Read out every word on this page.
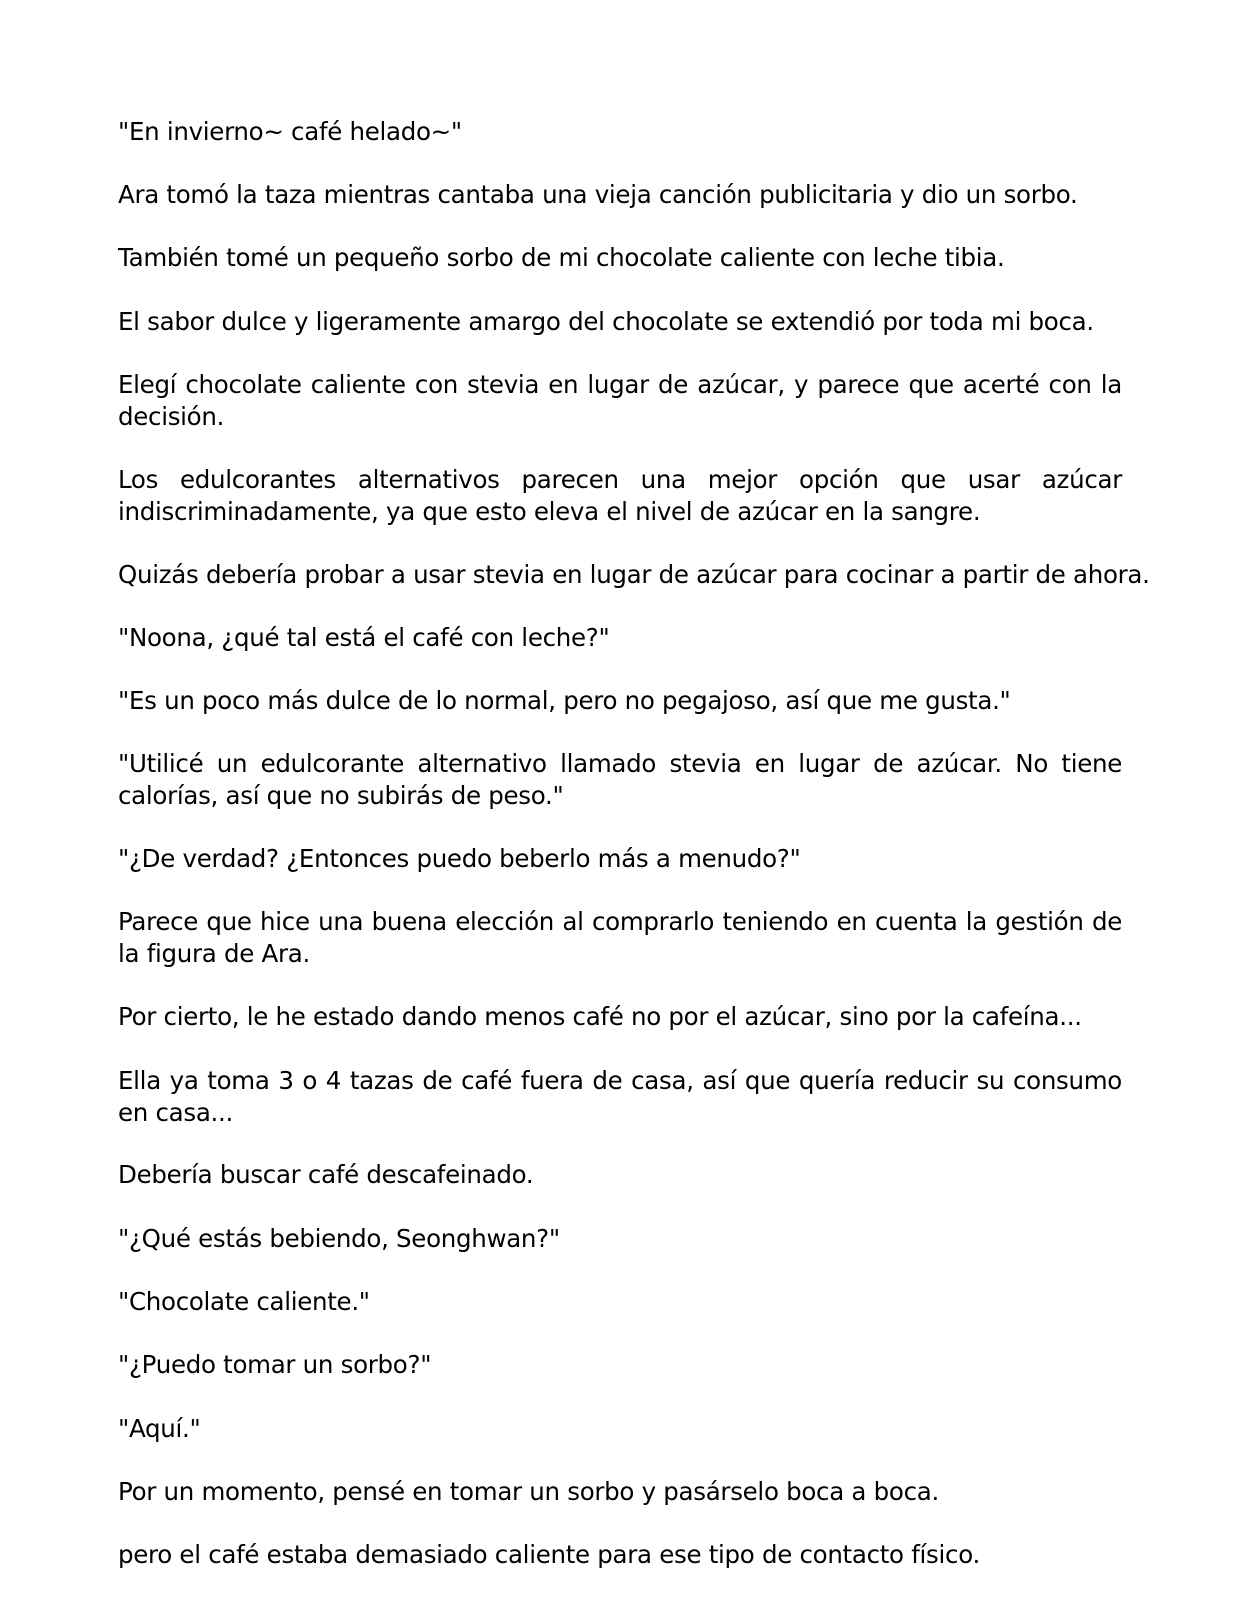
"En invierno~ café helado~"

Ara tomó la taza mientras cantaba una vieja canción publicitaria y dio un sorbo.

También tomé un pequeño sorbo de mi chocolate caliente con leche tibia.

El sabor dulce y ligeramente amargo del chocolate se extendió por toda mi boca.

Elegí chocolate caliente con stevia en lugar de azúcar, y parece que acerté con la decisión.

Los edulcorantes alternativos parecen una mejor opción que usar azúcar indiscriminadamente, ya que esto eleva el nivel de azúcar en la sangre.

Quizás debería probar a usar stevia en lugar de azúcar para cocinar a partir de ahora.

"Noona, ¿qué tal está el café con leche?"

"Es un poco más dulce de lo normal, pero no pegajoso, así que me gusta."

"Utilicé un edulcorante alternativo llamado stevia en lugar de azúcar. No tiene calorías, así que no subirás de peso."

"¿De verdad? ¿Entonces puedo beberlo más a menudo?"

Parece que hice una buena elección al comprarlo teniendo en cuenta la gestión de la figura de Ara.

Por cierto, le he estado dando menos café no por el azúcar, sino por la cafeína...

Ella ya toma 3 o 4 tazas de café fuera de casa, así que quería reducir su consumo en casa...

Debería buscar café descafeinado.

"¿Qué estás bebiendo, Seonghwan?"

"Chocolate caliente."

"¿Puedo tomar un sorbo?"

"Aquí."

Por un momento, pensé en tomar un sorbo y pasárselo boca a boca.

pero el café estaba demasiado caliente para ese tipo de contacto físico.
